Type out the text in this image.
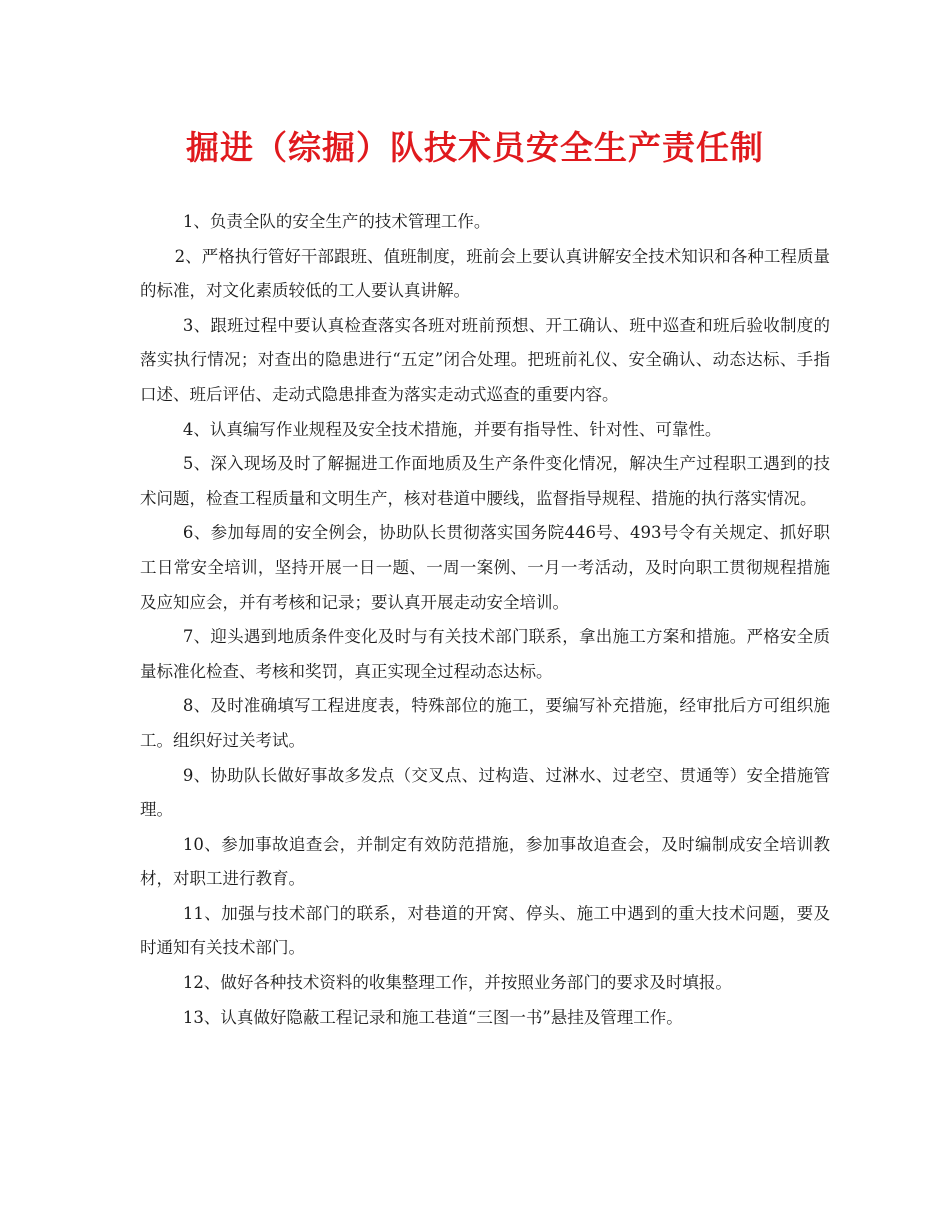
掘进（综掘）队技术员安全生产责任制

1、负责全队的安全生产的技术管理工作。

2、严格执行管好干部跟班、值班制度，班前会上要认真讲解安全技术知识和各种工程质量的标准，对文化素质较低的工人要认真讲解。

3、跟班过程中要认真检查落实各班对班前预想、开工确认、班中巡查和班后验收制度的落实执行情况；对查出的隐患进行“五定”闭合处理。把班前礼仪、安全确认、动态达标、手指口述、班后评估、走动式隐患排查为落实走动式巡查的重要内容。

4、认真编写作业规程及安全技术措施，并要有指导性、针对性、可靠性。

5、深入现场及时了解掘进工作面地质及生产条件变化情况，解决生产过程职工遇到的技术问题，检查工程质量和文明生产，核对巷道中腰线，监督指导规程、措施的执行落实情况。

6、参加每周的安全例会，协助队长贯彻落实国务院446号、493号令有关规定、抓好职工日常安全培训，坚持开展一日一题、一周一案例、一月一考活动，及时向职工贯彻规程措施及应知应会，并有考核和记录；要认真开展走动安全培训。

7、迎头遇到地质条件变化及时与有关技术部门联系，拿出施工方案和措施。严格安全质量标准化检查、考核和奖罚，真正实现全过程动态达标。

8、及时准确填写工程进度表，特殊部位的施工，要编写补充措施，经审批后方可组织施工。组织好过关考试。

9、协助队长做好事故多发点（交叉点、过构造、过淋水、过老空、贯通等）安全措施管理。

10、参加事故追查会，并制定有效防范措施，参加事故追查会，及时编制成安全培训教材，对职工进行教育。

11、加强与技术部门的联系，对巷道的开窝、停头、施工中遇到的重大技术问题，要及时通知有关技术部门。

12、做好各种技术资料的收集整理工作，并按照业务部门的要求及时填报。

13、认真做好隐蔽工程记录和施工巷道“三图一书”悬挂及管理工作。
